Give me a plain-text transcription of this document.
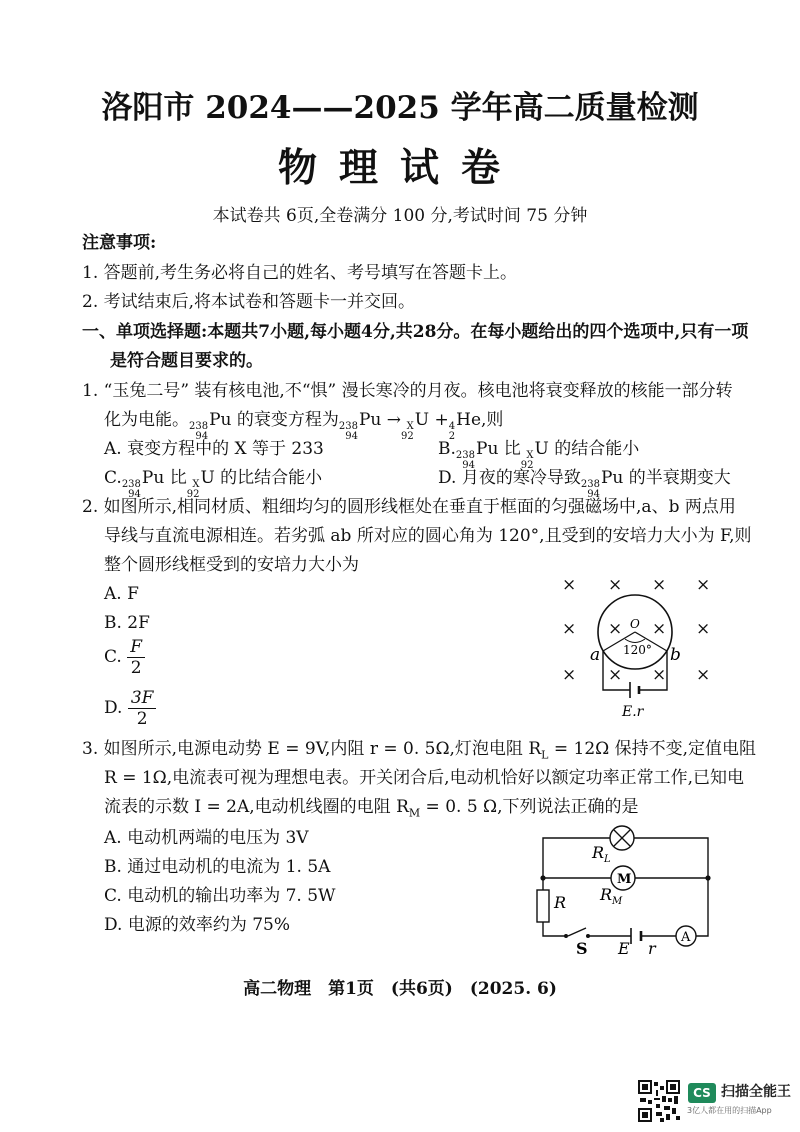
洛阳市 2024——2025 学年高二质量检测
物理试卷
本试卷共 6页,全卷满分 100 分,考试时间 75 分钟
注意事项:
1. 答题前,考生务必将自己的姓名、考号填写在答题卡上。
2. 考试结束后,将本试卷和答题卡一并交回。
一、单项选择题:本题共7小题,每小题4分,共28分。在每小题给出的四个选项中,只有一项
是符合题目要求的。
1. “玉兔二号” 装有核电池,不“惧” 漫长寒冷的月夜。核电池将衰变释放的核能一部分转
化为电能。 238
94
Pu 的衰变方程为 238
94
Pu → X
92
U + 4
2
He,则
A. 衰变方程中的 X 等于 233	B. 238
94
Pu 比 X
92
U 的结合能小
C. 238
94
Pu 比 X
92
U 的比结合能小	D. 月夜的寒冷导致 238
94
Pu 的半衰期变大
2. 如图所示,相同材质、粗细均匀的圆形线框处在垂直于框面的匀强磁场中,a、b 两点用
导线与直流电源相连。若劣弧 ab 所对应的圆心角为 120°,且受到的安培力大小为 F,则
整个圆形线框受到的安培力大小为
A. F
B. 2F
C. $\frac{F}{2}$
D. $\frac{3F}{2}$
× × × ×
× × × ×
× × × ×
O
120°
a	b
E.r
3. 如图所示,电源电动势 E = 9V,内阻 r = 0. 5Ω,灯泡电阻 $R_L = 12\Omega$ 保持不变,定值电阻
R = 1Ω,电流表可视为理想电表。开关闭合后,电动机恰好以额定功率正常工作,已知电
流表的示数 I = 2A,电动机线圈的电阻 $R_M = 0$. 5 Ω,下列说法正确的是
A. 电动机两端的电压为 3V
B. 通过电动机的电流为 1. 5A
C. 电动机的输出功率为 7. 5W
D. 电源的效率约为 75%
M
A
$R_L$
$R_M$
R
S E r
高二物理　第1页　(共6页)　(2025. 6)
CS 扫描全能王
3亿人都在用的扫描App
